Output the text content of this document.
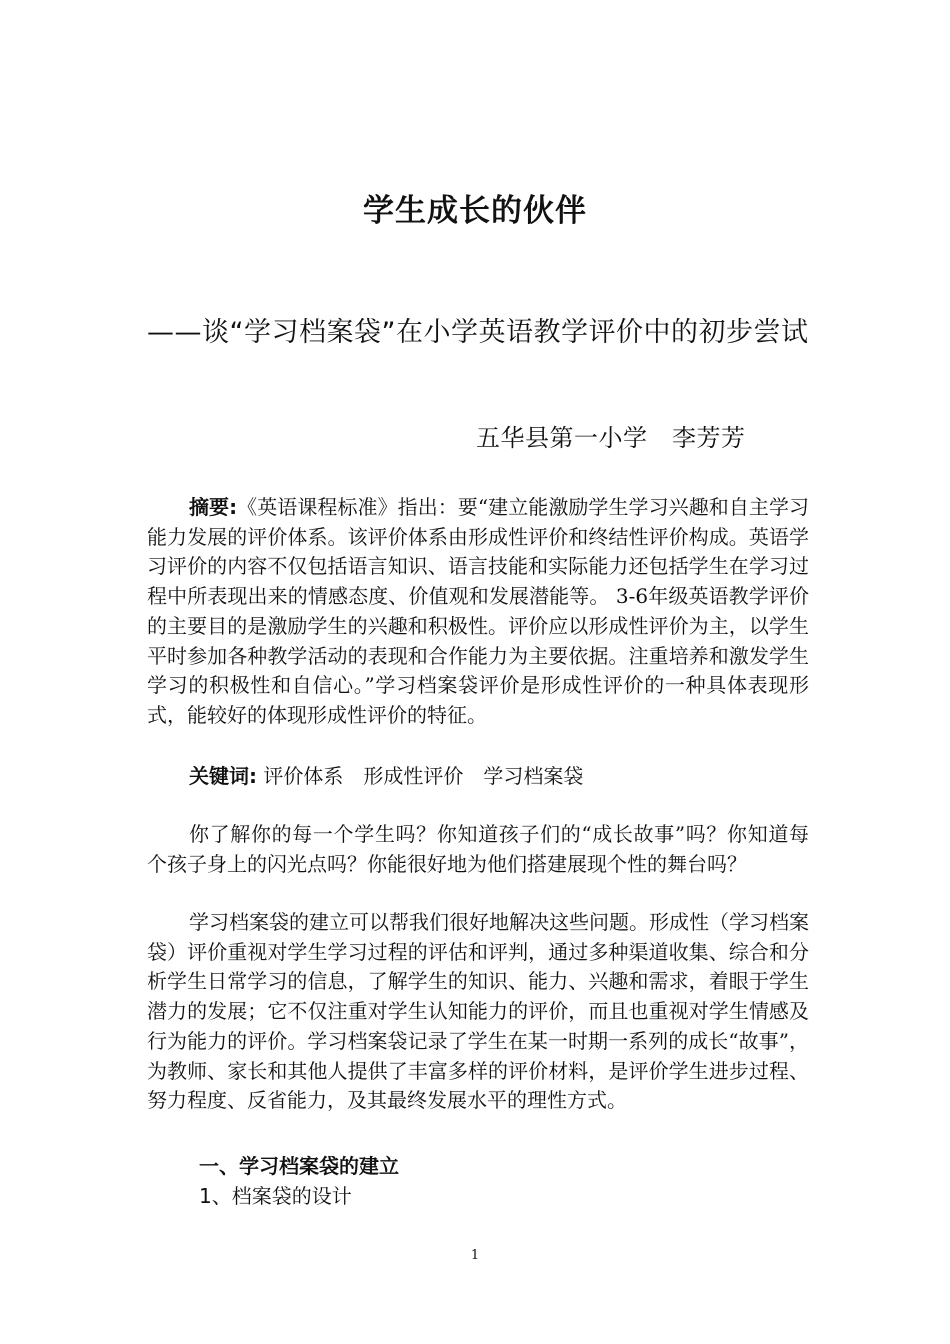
学生成长的伙伴
——谈“学习档案袋”在小学英语教学评价中的初步尝试
五华县第一小学　李芳芳

摘要:《英语课程标准》指出：要“建立能激励学生学习兴趣和自主学习能力发展的评价体系。该评价体系由形成性评价和终结性评价构成。英语学习评价的内容不仅包括语言知识、语言技能和实际能力还包括学生在学习过程中所表现出来的情感态度、价值观和发展潜能等。 3-6年级英语教学评价的主要目的是激励学生的兴趣和积极性。评价应以形成性评价为主，以学生平时参加各种教学活动的表现和合作能力为主要依据。注重培养和激发学生学习的积极性和自信心。”学习档案袋评价是形成性评价的一种具体表现形式，能较好的体现形成性评价的特征。

关键词: 评价体系　形成性评价　学习档案袋

你了解你的每一个学生吗？你知道孩子们的“成长故事”吗？你知道每个孩子身上的闪光点吗？你能很好地为他们搭建展现个性的舞台吗？

学习档案袋的建立可以帮我们很好地解决这些问题。形成性（学习档案袋）评价重视对学生学习过程的评估和评判，通过多种渠道收集、综合和分析学生日常学习的信息，了解学生的知识、能力、兴趣和需求，着眼于学生潜力的发展；它不仅注重对学生认知能力的评价，而且也重视对学生情感及行为能力的评价。学习档案袋记录了学生在某一时期一系列的成长“故事”，为教师、家长和其他人提供了丰富多样的评价材料，是评价学生进步过程、努力程度、反省能力，及其最终发展水平的理性方式。

一、学习档案袋的建立
1、档案袋的设计
1
